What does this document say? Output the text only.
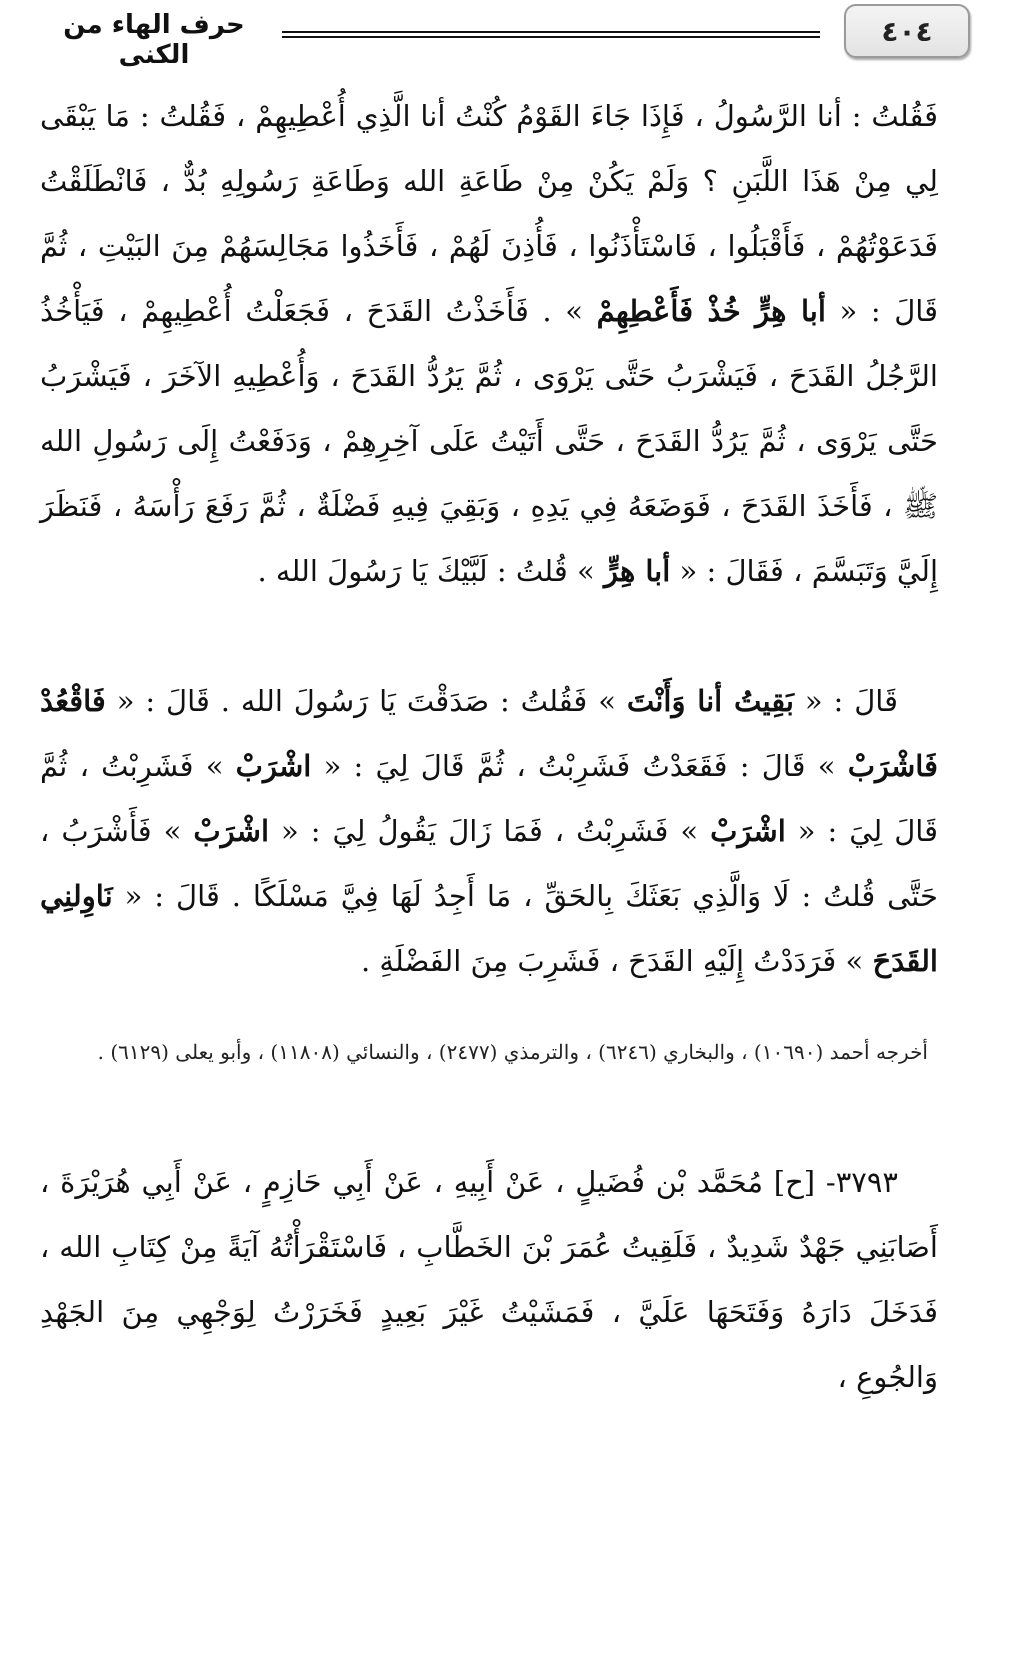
٤٠٤
حرف الهاء من الكنى
فَقُلتُ : أنا الرَّسُولُ ، فَإِذَا جَاءَ القَوْمُ كُنْتُ أنا الَّذِي أُعْطِيهِمْ ، فَقُلتُ : مَا يَبْقَى لِي مِنْ هَذَا اللَّبَنِ ؟ وَلَمْ يَكُنْ مِنْ طَاعَةِ الله وَطَاعَةِ رَسُولِهِ بُدٌّ ، فَانْطَلَقْتُ فَدَعَوْتُهُمْ ، فَأَقْبَلُوا ، فَاسْتَأْذَنُوا ، فَأُذِنَ لَهُمْ ، فَأَخَذُوا مَجَالِسَهُمْ مِنَ البَيْتِ ، ثُمَّ قَالَ : « أبا هِرٍّ خُذْ فَأَعْطِهِمْ » . فَأَخَذْتُ القَدَحَ ، فَجَعَلْتُ أُعْطِيهِمْ ، فَيَأْخُذُ الرَّجُلُ القَدَحَ ، فَيَشْرَبُ حَتَّى يَرْوَى ، ثُمَّ يَرُدُّ القَدَحَ ، وَأُعْطِيهِ الآخَرَ ، فَيَشْرَبُ حَتَّى يَرْوَى ، ثُمَّ يَرُدُّ القَدَحَ ، حَتَّى أَتَيْتُ عَلَى آخِرِهِمْ ، وَدَفَعْتُ إِلَى رَسُولِ الله ﷺ ، فَأَخَذَ القَدَحَ ، فَوَضَعَهُ فِي يَدِهِ ، وَبَقِيَ فِيهِ فَضْلَةٌ ، ثُمَّ رَفَعَ رَأْسَهُ ، فَنَظَرَ إِلَيَّ وَتَبَسَّمَ ، فَقَالَ : « أبا هِرٍّ » قُلتُ : لَبَّيْكَ يَا رَسُولَ الله .
قَالَ : « بَقِيتُ أنا وَأَنْتَ » فَقُلتُ : صَدَقْتَ يَا رَسُولَ الله . قَالَ : « فَاقْعُدْ فَاشْرَبْ » قَالَ : فَقَعَدْتُ فَشَرِبْتُ ، ثُمَّ قَالَ لِيَ : « اشْرَبْ » فَشَرِبْتُ ، ثُمَّ قَالَ لِيَ : « اشْرَبْ » فَشَرِبْتُ ، فَمَا زَالَ يَقُولُ لِيَ : « اشْرَبْ » فَأَشْرَبُ ، حَتَّى قُلتُ : لَا وَالَّذِي بَعَثَكَ بِالحَقِّ ، مَا أَجِدُ لَهَا فِيَّ مَسْلَكًا . قَالَ : « نَاوِلنِي القَدَحَ » فَرَدَدْتُ إِلَيْهِ القَدَحَ ، فَشَرِبَ مِنَ الفَضْلَةِ .
أخرجه أحمد (١٠٦٩٠) ، والبخاري (٦٢٤٦) ، والترمذي (٢٤٧٧) ، والنسائي (١١٨٠٨) ، وأبو يعلى (٦١٢٩) .
٣٧٩٣- [ح] مُحَمَّد بْن فُضَيلٍ ، عَنْ أَبِيهِ ، عَنْ أَبِي حَازِمٍ ، عَنْ أَبِي هُرَيْرَةَ ، أَصَابَنِي جَهْدٌ شَدِيدٌ ، فَلَقِيتُ عُمَرَ بْنَ الخَطَّابِ ، فَاسْتَقْرَأْتُهُ آيَةً مِنْ كِتَابِ الله ، فَدَخَلَ دَارَهُ وَفَتَحَهَا عَلَيَّ ، فَمَشَيْتُ غَيْرَ بَعِيدٍ فَخَرَرْتُ لِوَجْهِي مِنَ الجَهْدِ وَالجُوعِ ،
